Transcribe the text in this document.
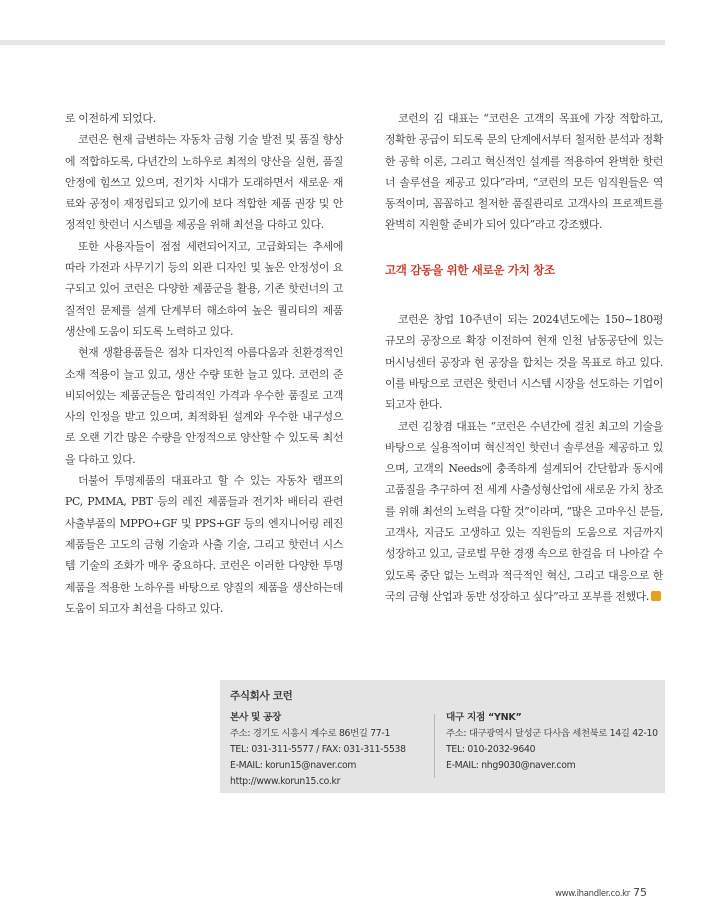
로 이전하게 되었다.

코런은 현재 급변하는 자동차 금형 기술 발전 및 품질 향상에 적합하도록, 다년간의 노하우로 최적의 양산을 실현, 품질안정에 힘쓰고 있으며, 전기차 시대가 도래하면서 새로운 재료와 공정이 재정립되고 있기에 보다 적합한 제품 권장 및 안정적인 핫런너 시스템을 제공을 위해 최선을 다하고 있다.

또한 사용자들이 점점 세련되어지고, 고급화되는 추세에 따라 가전과 사무기기 등의 외관 디자인 및 높은 안정성이 요구되고 있어 코런은 다양한 제품군을 활용, 기존 핫런너의 고질적인 문제를 설계 단계부터 해소하여 높은 퀄리티의 제품 생산에 도움이 되도록 노력하고 있다.

현재 생활용품들은 점차 디자인적 아름다움과 친환경적인 소재 적용이 늘고 있고, 생산 수량 또한 늘고 있다. 코런의 준비되어있는 제품군들은 합리적인 가격과 우수한 품질로 고객사의 인정을 받고 있으며, 최적화된 설계와 우수한 내구성으로 오랜 기간 많은 수량을 안정적으로 양산할 수 있도록 최선을 다하고 있다.

더불어 투명제품의 대표라고 할 수 있는 자동차 램프의 PC, PMMA, PBT 등의 레진 제품들과 전기차 배터리 관련 사출부품의 MPPO+GF 및 PPS+GF 등의 엔지니어링 레진 제품들은 고도의 금형 기술과 사출 기술, 그리고 핫런너 시스템 기술의 조화가 매우 중요하다. 코런은 이러한 다양한 투명제품을 적용한 노하우를 바탕으로 양질의 제품을 생산하는데 도움이 되고자 최선을 다하고 있다.

코런의 김 대표는 “코런은 고객의 목표에 가장 적합하고, 정확한 공급이 되도록 문의 단계에서부터 철저한 분석과 정확한 공학 이론, 그리고 혁신적인 설계를 적용하여 완벽한 핫런너 솔루션을 제공고 있다”라며, “코런의 모든 임직원들은 역동적이며, 꼼꼼하고 철저한 품질관리로 고객사의 프로젝트를 완벽히 지원할 준비가 되어 있다”라고 강조했다.

고객 감동을 위한 새로운 가치 창조

코런은 창업 10주년이 되는 2024년도에는 150~180평 규모의 공장으로 확장 이전하여 현재 인천 남동공단에 있는 머시닝센터 공장과 현 공장을 합치는 것을 목표로 하고 있다. 이를 바탕으로 코런은 핫런너 시스템 시장을 선도하는 기업이 되고자 한다.

코런 김창겸 대표는 “코런은 수년간에 걸친 최고의 기술을 바탕으로 실용적이며 혁신적인 핫런너 솔루션을 제공하고 있으며, 고객의 Needs에 충족하게 설계되어 간단함과 동시에 고품질을 추구하여 전 세계 사출성형산업에 새로운 가치 창조를 위해 최선의 노력을 다할 것”이라며, “많은 고마우신 분들, 고객사, 지금도 고생하고 있는 직원들의 도움으로 지금까지 성장하고 있고, 글로벌 무한 경쟁 속으로 한걸음 더 나아갈 수 있도록 중단 없는 노력과 적극적인 혁신, 그리고 대응으로 한국의 금형 산업과 동반 성장하고 싶다”라고 포부를 전했다.

주식회사 코런
본사 및 공장
주소: 경기도 시흥시 계수로 86번길 77-1
TEL: 031-311-5577 / FAX: 031-311-5538
E-MAIL: korun15@naver.com
http://www.korun15.co.kr
대구 지점 “YNK”
주소: 대구광역시 달성군 다사읍 세천북로 14길 42-10
TEL: 010-2032-9640
E-MAIL: nhg9030@naver.com
www.ihandler.co.kr 75
